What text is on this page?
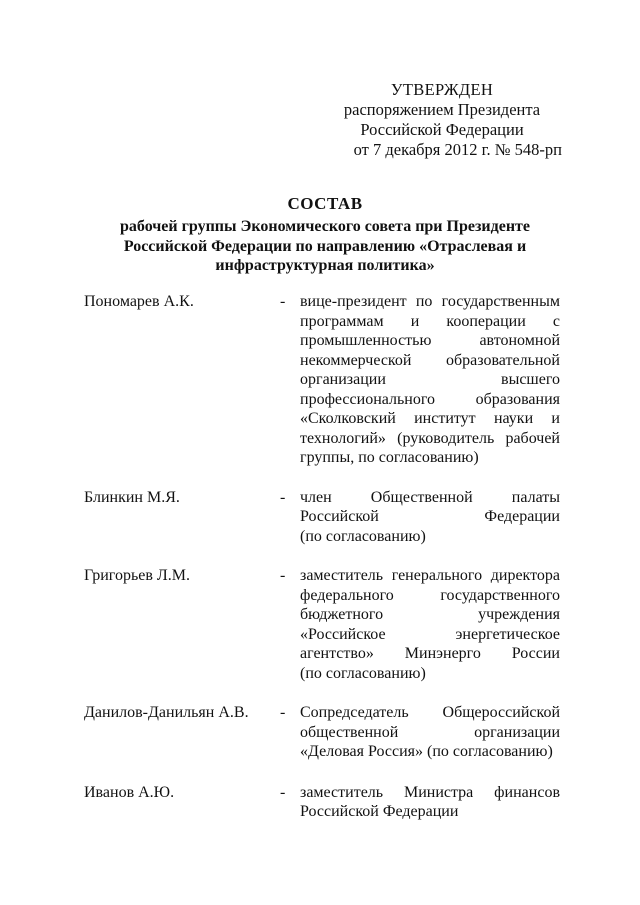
УТВЕРЖДЕН
распоряжением Президента
Российской Федерации
от 7 декабря 2012 г. № 548-рп
СОСТАВ
рабочей группы Экономического совета при Президенте Российской Федерации по направлению «Отраслевая и инфраструктурная политика»
Пономарев А.К.	- вице-президент по государственным
программам и кооперации с
промышленностью автономной
некоммерческой образовательной
организации высшего
профессионального образования
«Сколковский институт науки и
технологий» (руководитель рабочей
группы, по согласованию)
Блинкин М.Я.	- член Общественной палаты
Российской Федерации
(по согласованию)
Григорьев Л.М.	- заместитель генерального директора
федерального государственного
бюджетного учреждения
«Российское энергетическое
агентство» Минэнерго России
(по согласованию)
Данилов-Данильян А.В.	- Сопредседатель Общероссийской
общественной организации
«Деловая Россия» (по согласованию)
Иванов А.Ю.	- заместитель Министра финансов
Российской Федерации
